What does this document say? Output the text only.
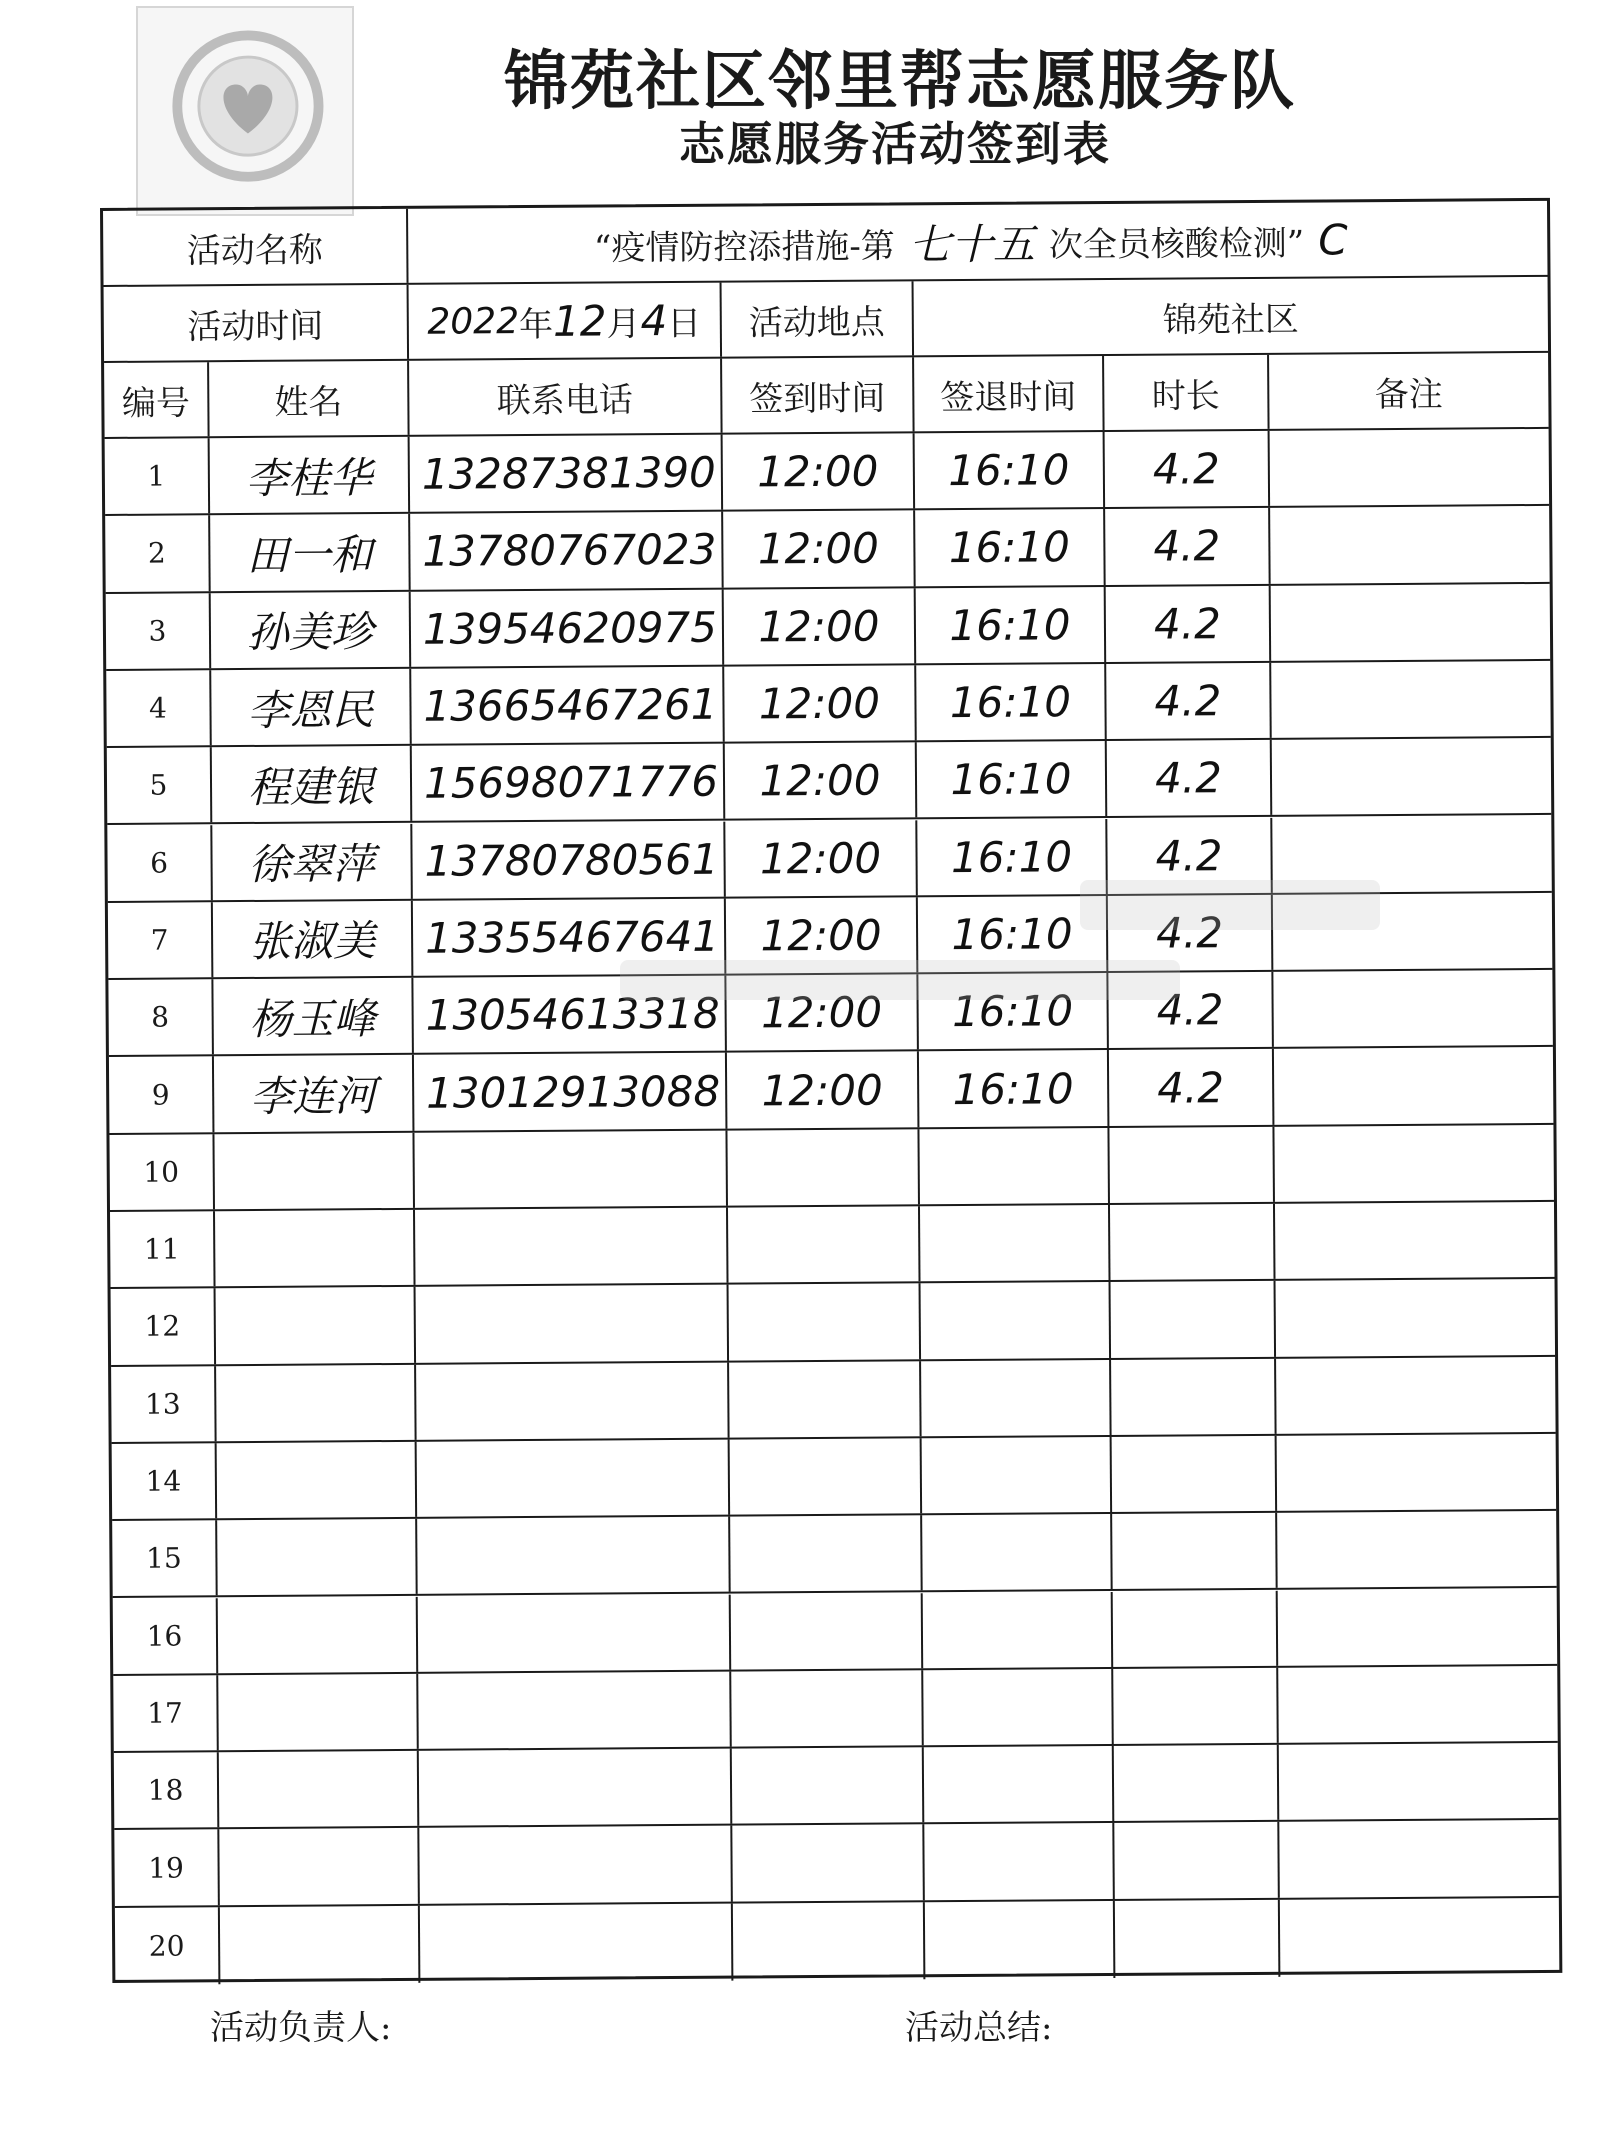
锦苑社区邻里帮志愿服务队
志愿服务活动签到表
活动名称	“疫情防控添措施-第 七十五 次全员核酸检测” C
活动时间	2022 年 12 月 4 日	活动地点	锦苑社区
编号	姓名	联系电话	签到时间	签退时间	时长	备注
1	李桂华	13287381390 12:00	16:10	4.2
2	田一和	13780767023 12:00	16:10	4.2
3	孙美珍	13954620975 12:00	16:10	4.2
4	李恩民	13665467261 12:00	16:10	4.2
5	程建银	15698071776 12:00	16:10	4.2
6	徐翠萍	13780780561 12:00	16:10	4.2
7	张淑美	13355467641 12:00	16:10	4.2
8	杨玉峰	13054613318 12:00	16:10	4.2
9	李连河	13012913088 12:00	16:10	4.2
10
11
12
13
14
15
16
17
18
19
20
活动负责人:	活动总结:
